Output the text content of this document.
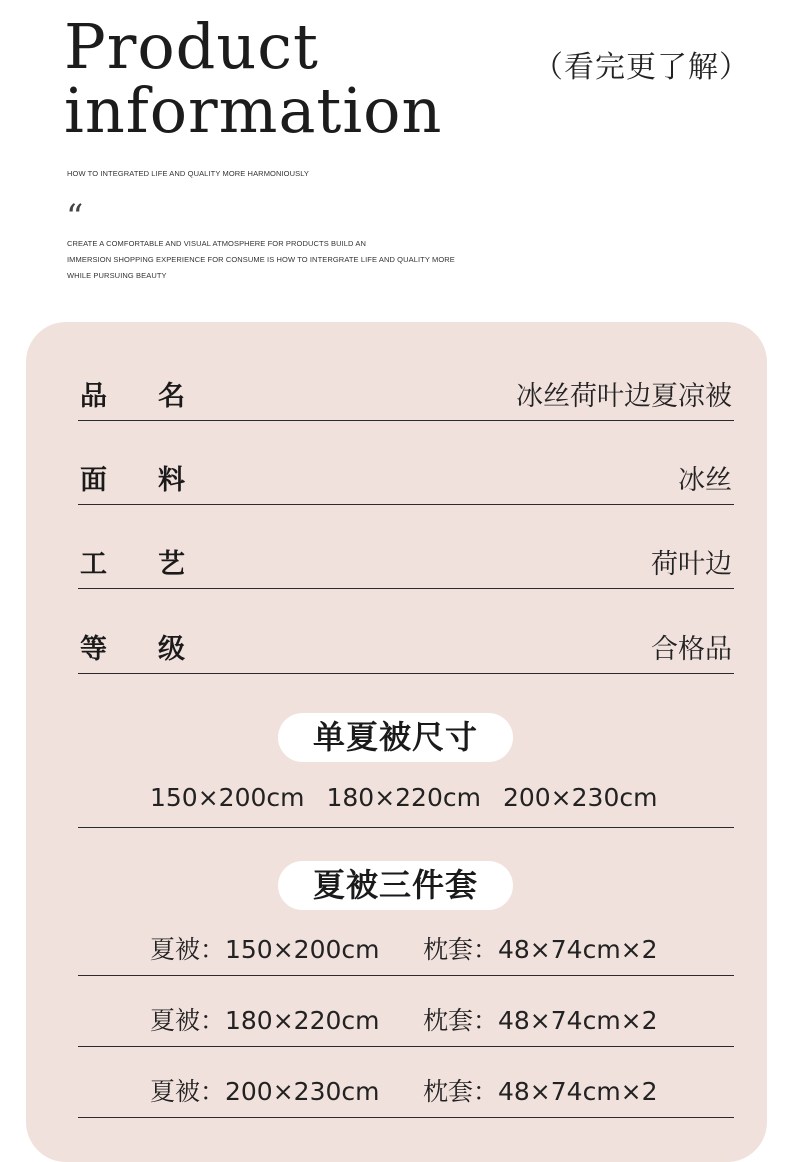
Product
information
（看完更了解）
HOW TO INTEGRATED LIFE AND QUALITY MORE HARMONIOUSLY
“
CREATE A COMFORTABLE AND VISUAL ATMOSPHERE FOR PRODUCTS BUILD AN
IMMERSION SHOPPING EXPERIENCE FOR CONSUME IS HOW TO INTERGRATE LIFE AND QUALITY MORE
WHILE PURSUING BEAUTY
品名	冰丝荷叶边夏凉被
面料	冰丝
工艺	荷叶边
等级	合格品
单夏被尺寸
150×200cm 180×220cm 200×230cm
夏被三件套
夏被：150×200cm 枕套：48×74cm×2
夏被：180×220cm 枕套：48×74cm×2
夏被：200×230cm 枕套：48×74cm×2
